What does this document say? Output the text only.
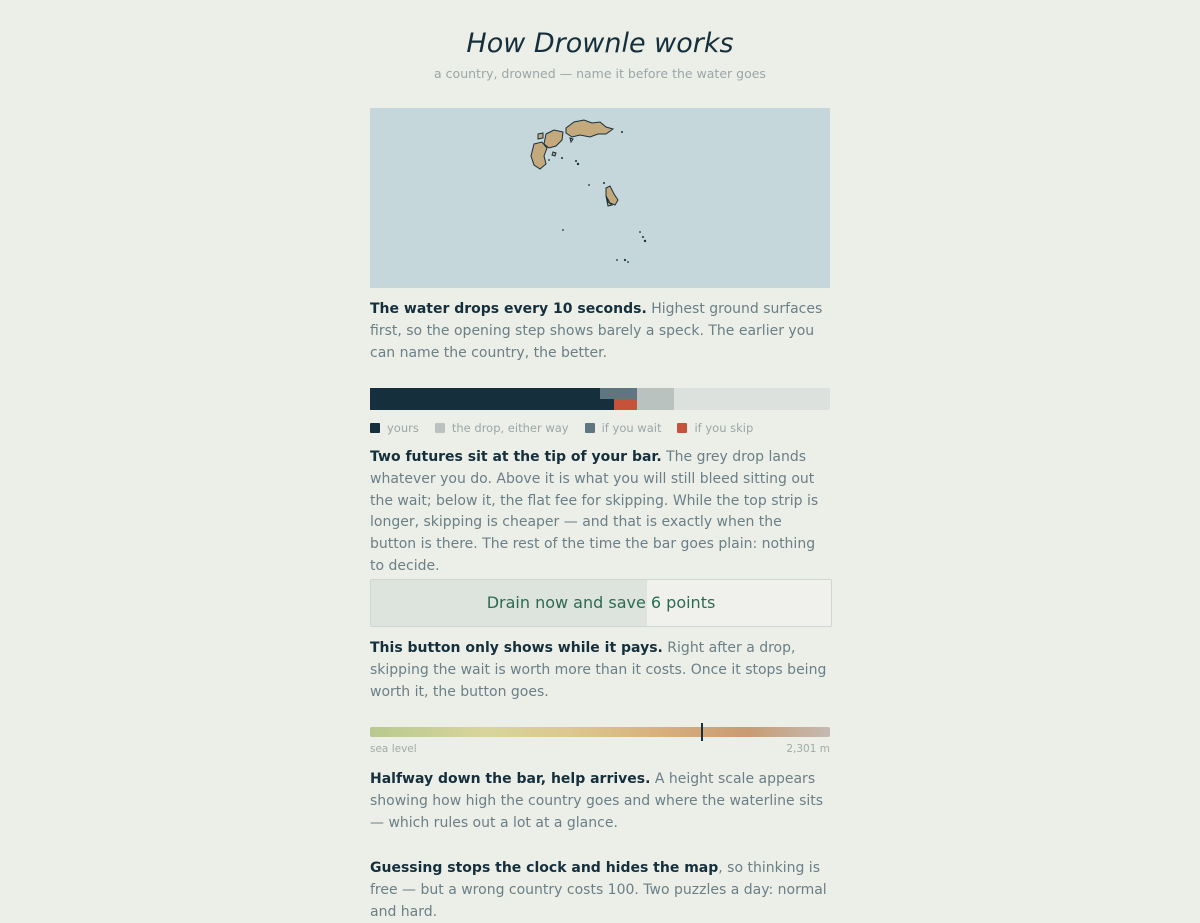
How Drownle works
a country, drowned — name it before the water goes
The water drops every 10 seconds. Highest ground surfaces first, so the opening step shows barely a speck. The earlier you can name the country, the better.
yours	the drop, either way	if you wait	if you skip
Two futures sit at the tip of your bar. The grey drop lands whatever you do. Above it is what you will still bleed sitting out the wait; below it, the flat fee for skipping. While the top strip is longer, skipping is cheaper — and that is exactly when the button is there. The rest of the time the bar goes plain: nothing to decide.
Drain now and save 6 points
This button only shows while it pays. Right after a drop, skipping the wait is worth more than it costs. Once it stops being worth it, the button goes.
sea level	2,301 m
Halfway down the bar, help arrives. A height scale appears showing how high the country goes and where the waterline sits — which rules out a lot at a glance.
Guessing stops the clock and hides the map, so thinking is free — but a wrong country costs 100. Two puzzles a day: normal and hard.
